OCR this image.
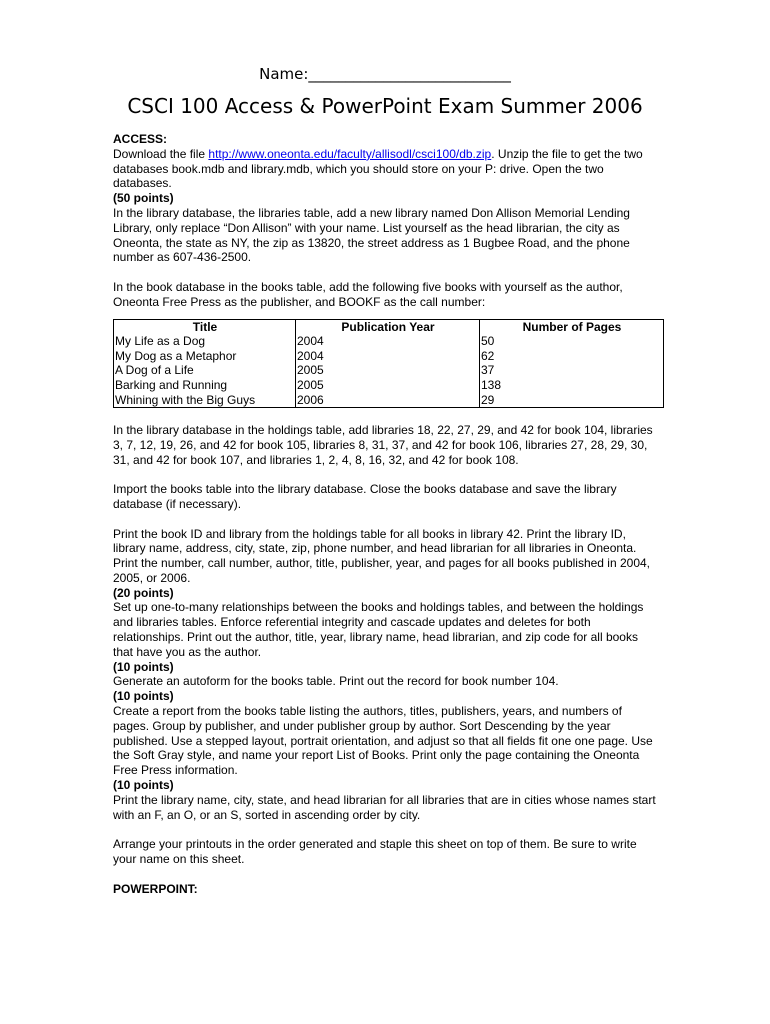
Name:___________________________
CSCI 100 Access & PowerPoint Exam Summer 2006

ACCESS:

Download the file http://www.oneonta.edu/faculty/allisodl/csci100/db.zip. Unzip the file to get the two databases book.mdb and library.mdb, which you should store on your P: drive. Open the two databases.

(50 points)

In the library database, the libraries table, add a new library named Don Allison Memorial Lending Library, only replace “Don Allison” with your name. List yourself as the head librarian, the city as Oneonta, the state as NY, the zip as 13820, the street address as 1 Bugbee Road, and the phone number as 607-436-2500.

In the book database in the books table, add the following five books with yourself as the author, Oneonta Free Press as the publisher, and BOOKF as the call number:

Title	Publication Year	Number of Pages
My Life as a Dog	2004	50
My Dog as a Metaphor	2004	62
A Dog of a Life	2005	37
Barking and Running	2005	138
Whining with the Big Guys	2006	29

In the library database in the holdings table, add libraries 18, 22, 27, 29, and 42 for book 104, libraries 3, 7, 12, 19, 26, and 42 for book 105, libraries 8, 31, 37, and 42 for book 106, libraries 27, 28, 29, 30, 31, and 42 for book 107, and libraries 1, 2, 4, 8, 16, 32, and 42 for book 108.

Import the books table into the library database. Close the books database and save the library database (if necessary).

Print the book ID and library from the holdings table for all books in library 42. Print the library ID, library name, address, city, state, zip, phone number, and head librarian for all libraries in Oneonta. Print the number, call number, author, title, publisher, year, and pages for all books published in 2004, 2005, or 2006.

(20 points)

Set up one-to-many relationships between the books and holdings tables, and between the holdings and libraries tables. Enforce referential integrity and cascade updates and deletes for both relationships. Print out the author, title, year, library name, head librarian, and zip code for all books that have you as the author.

(10 points)

Generate an autoform for the books table. Print out the record for book number 104.

(10 points)

Create a report from the books table listing the authors, titles, publishers, years, and numbers of pages. Group by publisher, and under publisher group by author. Sort Descending by the year published. Use a stepped layout, portrait orientation, and adjust so that all fields fit one one page. Use the Soft Gray style, and name your report List of Books. Print only the page containing the Oneonta Free Press information.

(10 points)

Print the library name, city, state, and head librarian for all libraries that are in cities whose names start with an F, an O, or an S, sorted in ascending order by city.

Arrange your printouts in the order generated and staple this sheet on top of them. Be sure to write your name on this sheet.

POWERPOINT:
